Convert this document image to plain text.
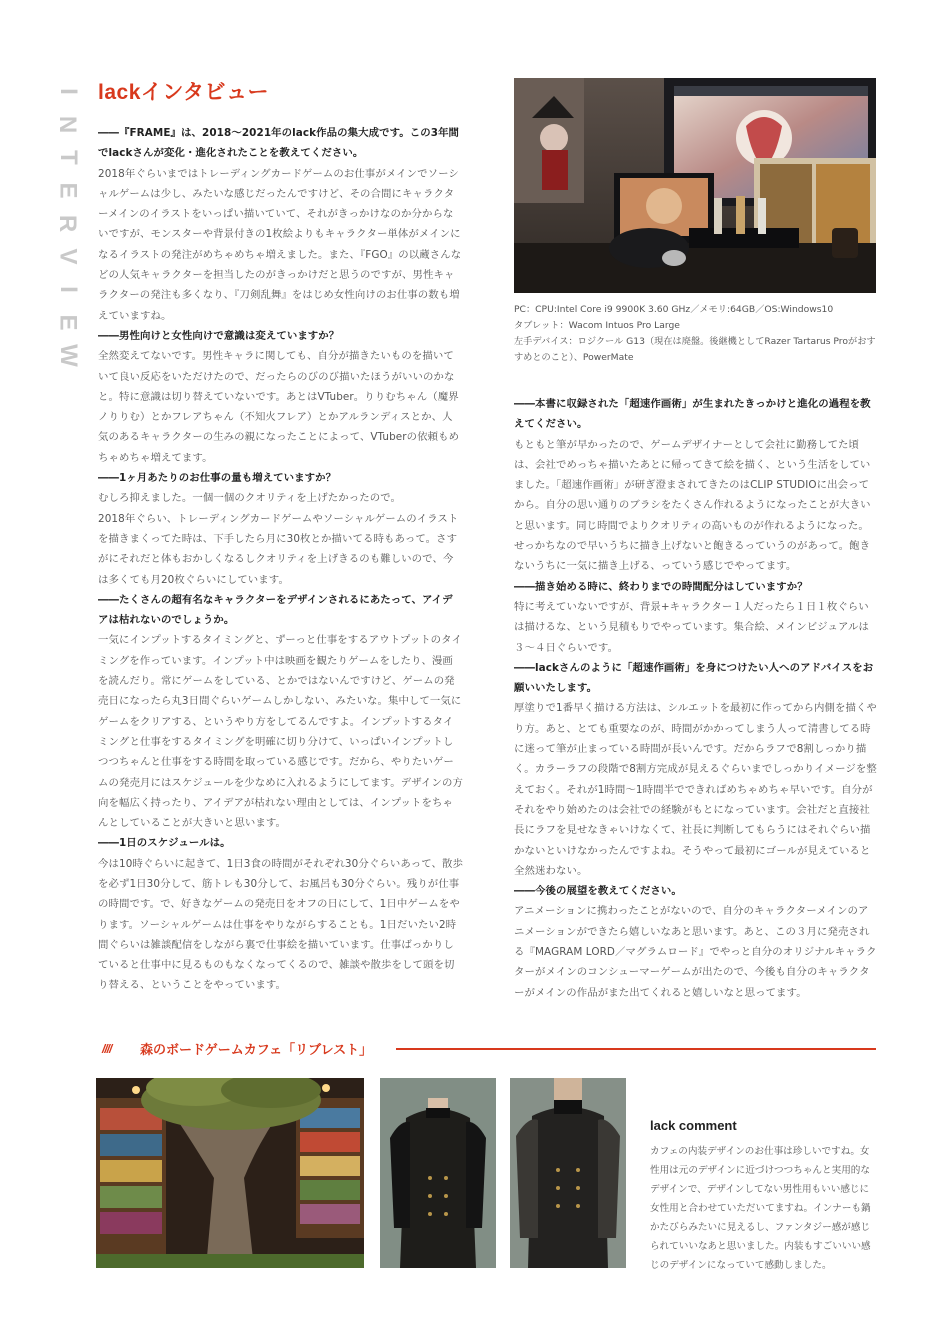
I
N
T
E
R
V
I
E
W
lackインタビュー

――『FRAME』は、2018〜2021年のlack作品の集大成です。この3年間でlackさんが変化・進化されたことを教えてください。

2018年ぐらいまではトレーディングカードゲームのお仕事がメインでソーシャルゲームは少し、みたいな感じだったんですけど、その合間にキャラクターメインのイラストをいっぱい描いていて、それがきっかけなのか分からないですが、モンスターや背景付きの1枚絵よりもキャラクター単体がメインになるイラストの発注がめちゃめちゃ増えました。また、『FGO』の以蔵さんなどの人気キャラクターを担当したのがきっかけだと思うのですが、男性キャラクターの発注も多くなり、『刀剣乱舞』をはじめ女性向けのお仕事の数も増えていますね。

――男性向けと女性向けで意識は変えていますか？

全然変えてないです。男性キャラに関しても、自分が描きたいものを描いていて良い反応をいただけたので、だったらのびのび描いたほうがいいのかなと。特に意識は切り替えていないです。あとはVTuber。りりむちゃん（魔界ノりりむ）とかフレアちゃん（不知火フレア）とかアルランディスとか、人気のあるキャラクターの生みの親になったことによって、VTuberの依頼もめちゃめちゃ増えてます。

――1ヶ月あたりのお仕事の量も増えていますか？

むしろ抑えました。一個一個のクオリティを上げたかったので。

2018年ぐらい、トレーディングカードゲームやソーシャルゲームのイラストを描きまくってた時は、下手したら月に30枚とか描いてる時もあって。さすがにそれだと体もおかしくなるしクオリティを上げきるのも難しいので、今は多くても月20枚ぐらいにしています。

――たくさんの超有名なキャラクターをデザインされるにあたって、アイデアは枯れないのでしょうか。

一気にインプットするタイミングと、ずーっと仕事をするアウトプットのタイミングを作っています。インプット中は映画を観たりゲームをしたり、漫画を読んだり。常にゲームをしている、とかではないんですけど、ゲームの発売日になったら丸3日間ぐらいゲームしかしない、みたいな。集中して一気にゲームをクリアする、というやり方をしてるんですよ。インプットするタイミングと仕事をするタイミングを明確に切り分けて、いっぱいインプットしつつちゃんと仕事をする時間を取っている感じです。だから、やりたいゲームの発売月にはスケジュールを少なめに入れるようにしてます。デザインの方向を幅広く持ったり、アイデアが枯れない理由としては、インプットをちゃんとしていることが大きいと思います。

――1日のスケジュールは。

今は10時ぐらいに起きて、1日3食の時間がそれぞれ30分ぐらいあって、散歩を必ず1日30分して、筋トレも30分して、お風呂も30分ぐらい。残りが仕事の時間です。で、好きなゲームの発売日をオフの日にして、1日中ゲームをやります。ソーシャルゲームは仕事をやりながらすることも。1日だいたい2時間ぐらいは雑談配信をしながら裏で仕事絵を描いています。仕事ばっかりしていると仕事中に見るものもなくなってくるので、雑談や散歩をして頭を切り替える、ということをやっています。

PC：CPU:Intel Core i9 9900K 3.60 GHz／メモリ:64GB／OS:Windows10

タブレット：Wacom Intuos Pro Large

左手デバイス：ロジクール G13（現在は廃盤。後継機としてRazer Tartarus Proがおすすめとのこと）、PowerMate

――本書に収録された「超速作画術」が生まれたきっかけと進化の過程を教えてください。

もともと筆が早かったので、ゲームデザイナーとして会社に勤務してた頃は、会社でめっちゃ描いたあとに帰ってきて絵を描く、という生活をしていました。「超速作画術」が研ぎ澄まされてきたのはCLIP STUDIOに出会ってから。自分の思い通りのブラシをたくさん作れるようになったことが大きいと思います。同じ時間でよりクオリティの高いものが作れるようになった。せっかちなので早いうちに描き上げないと飽きるっていうのがあって。飽きないうちに一気に描き上げる、っていう感じでやってます。

――描き始める時に、終わりまでの時間配分はしていますか？

特に考えていないですが、背景+キャラクター１人だったら１日１枚ぐらいは描けるな、という見積もりでやっています。集合絵、メインビジュアルは３〜４日ぐらいです。

――lackさんのように「超速作画術」を身につけたい人へのアドバイスをお願いいたします。

厚塗りで1番早く描ける方法は、シルエットを最初に作ってから内側を描くやり方。あと、とても重要なのが、時間がかかってしまう人って清書してる時に迷って筆が止まっている時間が長いんです。だからラフで8割しっかり描く。カラーラフの段階で8割方完成が見えるぐらいまでしっかりイメージを整えておく。それが1時間〜1時間半でできればめちゃめちゃ早いです。自分がそれをやり始めたのは会社での経験がもとになっています。会社だと直接社長にラフを見せなきゃいけなくて、社長に判断してもらうにはそれぐらい描かないといけなかったんですよね。そうやって最初にゴールが見えていると全然迷わない。

――今後の展望を教えてください。

アニメーションに携わったことがないので、自分のキャラクターメインのアニメーションができたら嬉しいなあと思います。あと、この３月に発売される『MAGRAM LORD／マグラムロード』でやっと自分のオリジナルキャラクターがメインのコンシューマーゲームが出たので、今後も自分のキャラクターがメインの作品がまた出てくれると嬉しいなと思ってます。

//// 森のボードゲームカフェ「リブレスト」
lack comment

カフェの内装デザインのお仕事は珍しいですね。女性用は元のデザインに近づけつつちゃんと実用的なデザインで、デザインしてない男性用もいい感じに女性用と合わせていただいてますね。インナーも鍋かたびらみたいに見えるし、ファンタジー感が感じられていいなあと思いました。内装もすごいいい感じのデザインになっていて感動しました。
